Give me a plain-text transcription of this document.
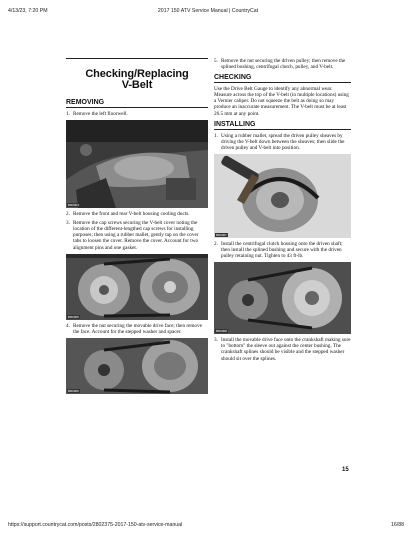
4/13/23, 7:20 PM	2017 150 ATV Service Manual | CountryCat
Checking/Replacing
V-Belt
REMOVING
1. Remove the left floorwell.
BR0004
2. Remove the front and rear V-belt housing cooling ducts.
3. Remove the cap screws securing the V-belt cover noting the location of the different-lengthed cap screws for installing purposes; then using a rubber mallet, gently tap on the cover tabs to loosen the cover. Remove the cover. Account for two alignment pins and one gasket.
BR0005
4. Remove the nut securing the movable drive face; then remove the face. Account for the stepped washer and spacer.
BR0006
5. Remove the nut securing the driven pulley; then remove the splined bushing, centrifugal clutch, pulley, and V-belt.
CHECKING
Use the Drive Belt Gauge to identify any abnormal wear. Measure across the top of the V-belt (in multiple locations) using a Vernier caliper. Do not squeeze the belt as doing so may produce an inaccurate measurement. The V-belt must be at least 26.5 mm at any point.
INSTALLING
1. Using a rubber mallet, spread the driven pulley sheaves by driving the V-belt down between the sheaves; then slide the driven pulley and V-belt into position.
BR0007
2. Install the centrifugal clutch housing onto the driven shaft; then install the splined bushing and secure with the driven pulley retaining nut. Tighten to 43 ft-lb.
BR0008
3. Install the movable drive face onto the crankshaft making sure to "bottom" the sleeve out against the center bushing. The crankshaft splines should be visible and the stepped washer should sit over the splines.
15
https://support.countrycat.com/posts/2802375-2017-150-atv-service-manual	16/88
